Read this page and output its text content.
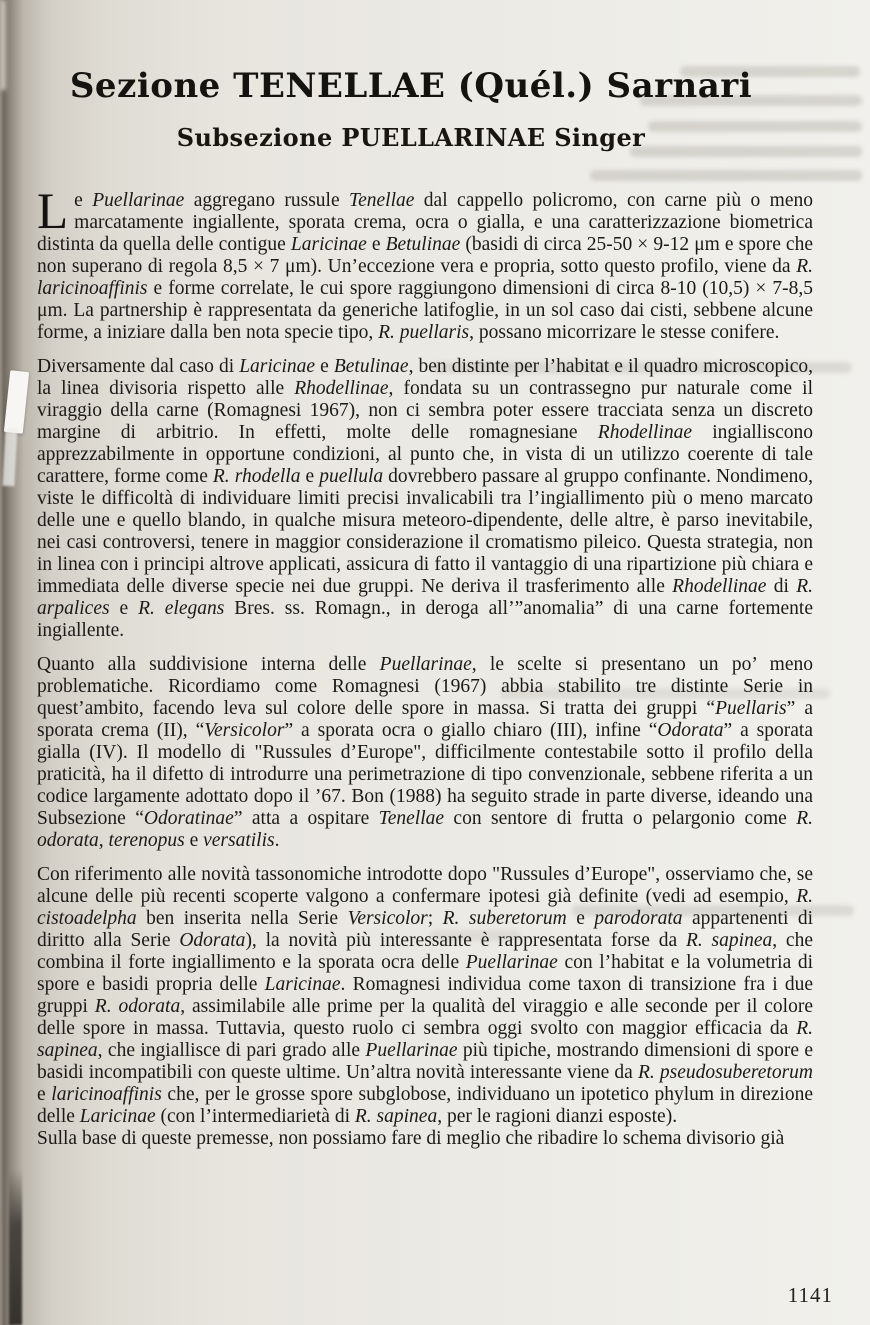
Sezione TENELLAE (Quél.) Sarnari
Subsezione PUELLARINAE Singer

Le Puellarinae aggregano russule Tenellae dal cappello policromo, con carne più o meno marcatamente ingiallente, sporata crema, ocra o gialla, e una caratterizzazione biometrica distinta da quella delle contigue Laricinae e Betulinae (basidi di circa 25-50 × 9-12 μm e spore che non superano di regola 8,5 × 7 μm). Un’eccezione vera e propria, sotto questo profilo, viene da R. laricinoaffinis e forme correlate, le cui spore raggiungono dimensioni di circa 8-10 (10,5) × 7-8,5 μm. La partnership è rappresentata da generiche latifoglie, in un sol caso dai cisti, sebbene alcune forme, a iniziare dalla ben nota specie tipo, R. puellaris, possano micorrizare le stesse conifere.

Diversamente dal caso di Laricinae e Betulinae, ben distinte per l’habitat e il quadro microscopico, la linea divisoria rispetto alle Rhodellinae, fondata su un contrassegno pur naturale come il viraggio della carne (Romagnesi 1967), non ci sembra poter essere tracciata senza un discreto margine di arbitrio. In effetti, molte delle romagnesiane Rhodellinae ingialliscono apprezzabilmente in opportune condizioni, al punto che, in vista di un utilizzo coerente di tale carattere, forme come R. rhodella e puellula dovrebbero passare al gruppo confinante. Nondimeno, viste le difficoltà di individuare limiti precisi invalicabili tra l’ingiallimento più o meno marcato delle une e quello blando, in qualche misura meteoro-dipendente, delle altre, è parso inevitabile, nei casi controversi, tenere in maggior considerazione il cromatismo pileico. Questa strategia, non in linea con i principi altrove applicati, assicura di fatto il vantaggio di una ripartizione più chiara e immediata delle diverse specie nei due gruppi. Ne deriva il trasferimento alle Rhodellinae di R. arpalices e R. elegans Bres. ss. Romagn., in deroga all’”anomalia” di una carne fortemente ingiallente.

Quanto alla suddivisione interna delle Puellarinae, le scelte si presentano un po’ meno problematiche. Ricordiamo come Romagnesi (1967) abbia stabilito tre distinte Serie in quest’ambito, facendo leva sul colore delle spore in massa. Si tratta dei gruppi “Puellaris” a sporata crema (II), “Versicolor” a sporata ocra o giallo chiaro (III), infine “Odorata” a sporata gialla (IV). Il modello di "Russules d’Europe", difficilmente contestabile sotto il profilo della praticità, ha il difetto di introdurre una perimetrazione di tipo convenzionale, sebbene riferita a un codice largamente adottato dopo il ’67. Bon (1988) ha seguito strade in parte diverse, ideando una Subsezione “Odoratinae” atta a ospitare Tenellae con sentore di frutta o pelargonio come R. odorata, terenopus e versatilis.

Con riferimento alle novità tassonomiche introdotte dopo "Russules d’Europe", osserviamo che, se alcune delle più recenti scoperte valgono a confermare ipotesi già definite (vedi ad esempio, R. cistoadelpha ben inserita nella Serie Versicolor; R. suberetorum e parodorata appartenenti di diritto alla Serie Odorata), la novità più interessante è rappresentata forse da R. sapinea, che combina il forte ingiallimento e la sporata ocra delle Puellarinae con l’habitat e la volumetria di spore e basidi propria delle Laricinae. Romagnesi individua come taxon di transizione fra i due gruppi R. odorata, assimilabile alle prime per la qualità del viraggio e alle seconde per il colore delle spore in massa. Tuttavia, questo ruolo ci sembra oggi svolto con maggior efficacia da R. sapinea, che ingiallisce di pari grado alle Puellarinae più tipiche, mostrando dimensioni di spore e basidi incompatibili con queste ultime. Un’altra novità interessante viene da R. pseudosuberetorum e laricinoaffinis che, per le grosse spore subglobose, individuano un ipotetico phylum in direzione delle Laricinae (con l’intermediarietà di R. sapinea, per le ragioni dianzi esposte).

Sulla base di queste premesse, non possiamo fare di meglio che ribadire lo schema divisorio già

1141
